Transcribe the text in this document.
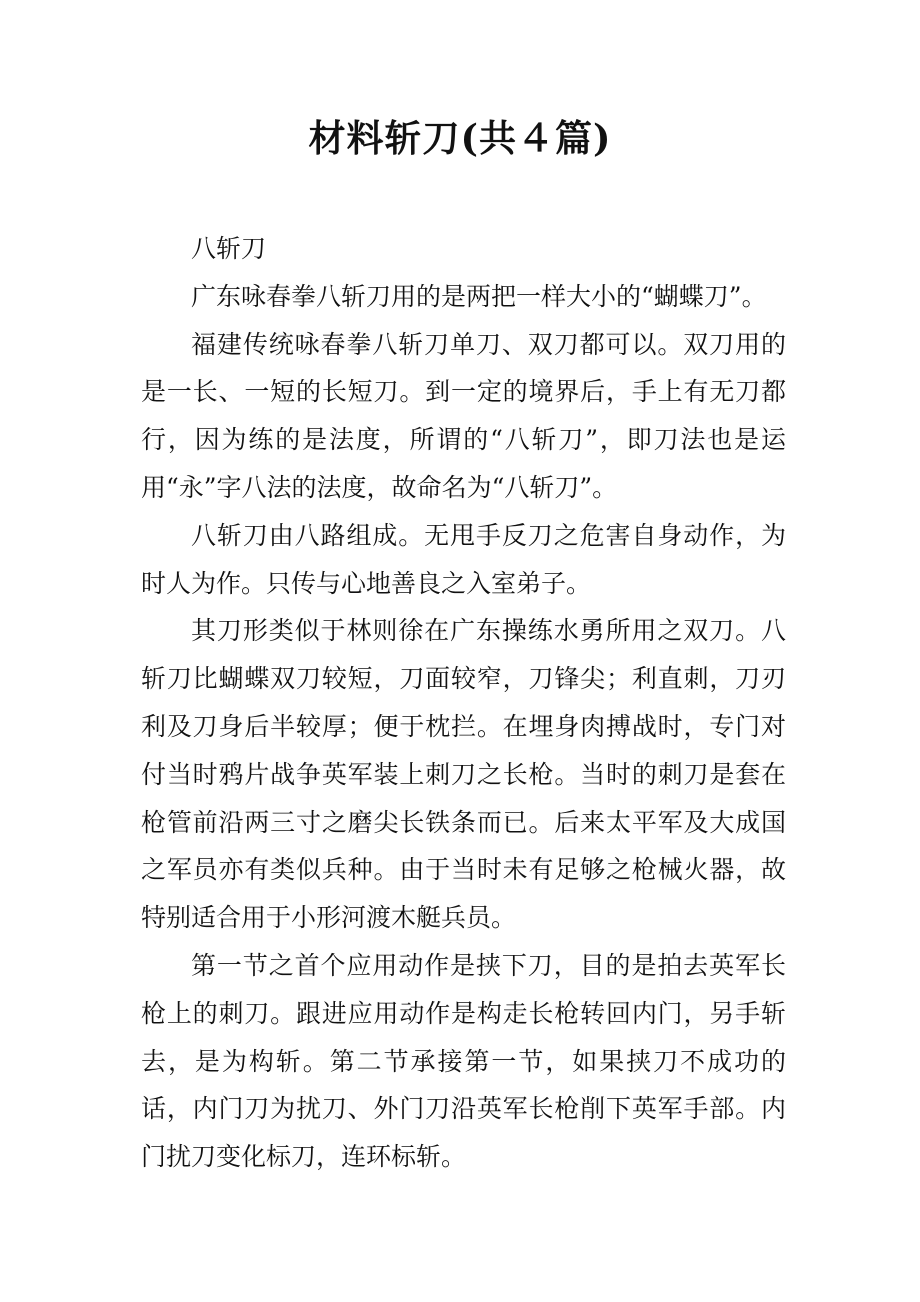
材料斩刀(共４篇)

八斩刀

广东咏春拳八斩刀用的是两把一样大小的“蝴蝶刀”。

福建传统咏春拳八斩刀单刀、双刀都可以。双刀用的是一长、一短的长短刀。到一定的境界后，手上有无刀都行，因为练的是法度，所谓的“八斩刀”，即刀法也是运用“永”字八法的法度，故命名为“八斩刀”。

八斩刀由八路组成。无甩手反刀之危害自身动作，为时人为作。只传与心地善良之入室弟子。

其刀形类似于林则徐在广东操练水勇所用之双刀。八斩刀比蝴蝶双刀较短，刀面较窄，刀锋尖；利直刺，刀刃利及刀身后半较厚；便于枕拦。在埋身肉搏战时，专门对付当时鸦片战争英军装上刺刀之长枪。当时的刺刀是套在枪管前沿两三寸之磨尖长铁条而已。后来太平军及大成国之军员亦有类似兵种。由于当时未有足够之枪械火器，故特别适合用于小形河渡木艇兵员。

第一节之首个应用动作是挟下刀，目的是拍去英军长枪上的刺刀。跟进应用动作是构走长枪转回内门，另手斩去，是为构斩。第二节承接第一节，如果挟刀不成功的话，内门刀为扰刀、外门刀沿英军长枪削下英军手部。内门扰刀变化标刀，连环标斩。
